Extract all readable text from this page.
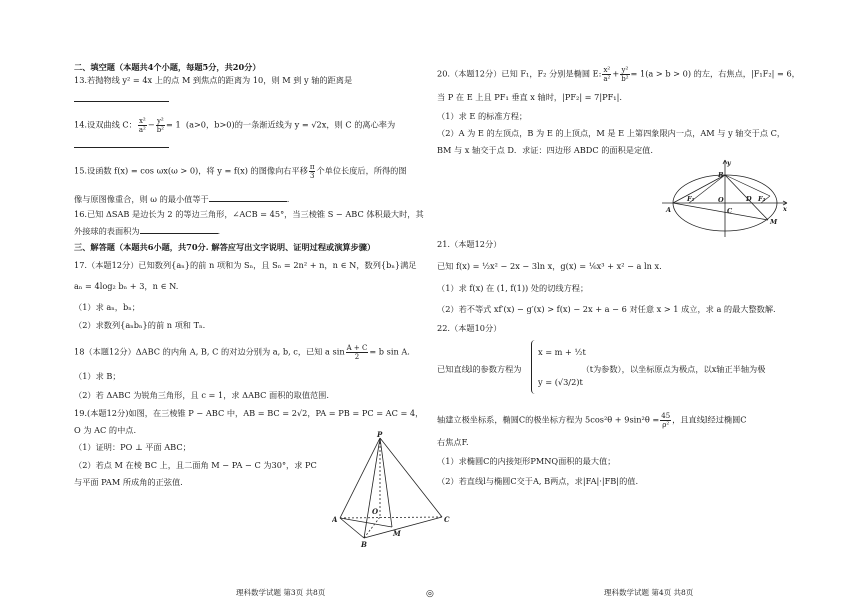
二、填空题（本题共4个小题，每题5分，共20分）
13.若抛物线 y² = 4x 上的点 M 到焦点的距离为 10，则 M 到 y 轴的距离是
14.设双曲线 C： $\frac{\text{x²}}{\text{a²}} - \frac{\text{y²}}{\text{b²}} = 1$  (a>0，b>0)的一条渐近线为 y = √2x，则 C 的离心率为
15.设函数 f(x) = cos ωx(ω > 0)，将 y = f(x) 的图像向右平移 $\frac{\pi}{3}$ 个单位长度后，所得的图
像与原图像重合，则 ω 的最小值等于	.
16.已知 ΔSAB 是边长为 2 的等边三角形，∠ACB = 45°，当三棱锥 S − ABC 体积最大时，其
外接球的表面积为	.
三、解答题（本题共6小题，共70分. 解答应写出文字说明、证明过程或演算步骤）
17.（本题12分）已知数列{aₙ}的前 n 项和为 Sₙ，且 Sₙ = 2n² + n，n ∈ N，数列{bₙ}满足
aₙ = 4log₂ bₙ + 3，n ∈ N.
（1）求 aₙ，bₙ；
（2）求数列{aₙbₙ}的前 n 项和 Tₙ.
18（本题12分）ΔABC 的内角 A, B, C 的对边分别为 a, b, c，已知 a $\sin \frac{A + C}{2} = b$ sin A.
（1）求 B；
（2）若 ΔABC 为锐角三角形，且 c = 1，求 ΔABC 面积的取值范围.
19.(本题12分)如图，在三棱锥 P − ABC 中，AB = BC = 2√2，PA = PB = PC = AC = 4，
O 为 AC 的中点.
（1）证明：PO ⊥ 平面 ABC；
（2）若点 M 在棱 BC 上，且二面角 M − PA − C 为30°，求 PC
与平面 PAM 所成角的正弦值.
P
A
B
C
M
O
理科数学试题 第3页 共8页	◎
20.（本题12分）已知 F₁，F₂ 分别是椭圆 E: $\frac{\text{x²}}{\text{a²}} + \frac{\text{y²}}{\text{b²}} = 1(a > b > 0)$ 的左，右焦点，|F₁F₂| = 6，
当 P 在 E 上且 PF₁ 垂直 x 轴时，|PF₂| = 7|PF₁|.
（1）求 E 的标准方程；
（2）A 为 E 的左顶点，B 为 E 的上顶点，M 是 E 上第四象限内一点，AM 与 y 轴交于点 C，
BM 与 x 轴交于点 D．求证：四边形 ABDC 的面积是定值.
y
x
B
A	C
D
M
F₁	F₂
O
21.（本题12分）
已知 f(x) = ½x² − 2x − 3ln x，g(x) = ⅙x³ + x² − a ln x.
（1）求 f(x) 在 (1, f(1)) 处的切线方程；
（2）若不等式 xf′(x) − g′(x) > f(x) − 2x + a − 6 对任意 x > 1 成立，求 a 的最大整数解.
22.（本题10分）
已知直线l的参数方程为	（t为参数），以坐标原点为极点，以x轴正半轴为极
x = m + ½t
y = (√3/2)t
轴建立极坐标系，椭圆C的极坐标方程为 $5\cos^2\theta + 9\sin^2\theta = \frac{45}{\text{ρ²}}$ ，且直线l经过椭圆C
右焦点F.
（1）求椭圆C的内接矩形PMNQ面积的最大值；
（2）若直线l与椭圆C交于A, B两点，求|FA|·|FB|的值.
理科数学试题 第4页 共8页
